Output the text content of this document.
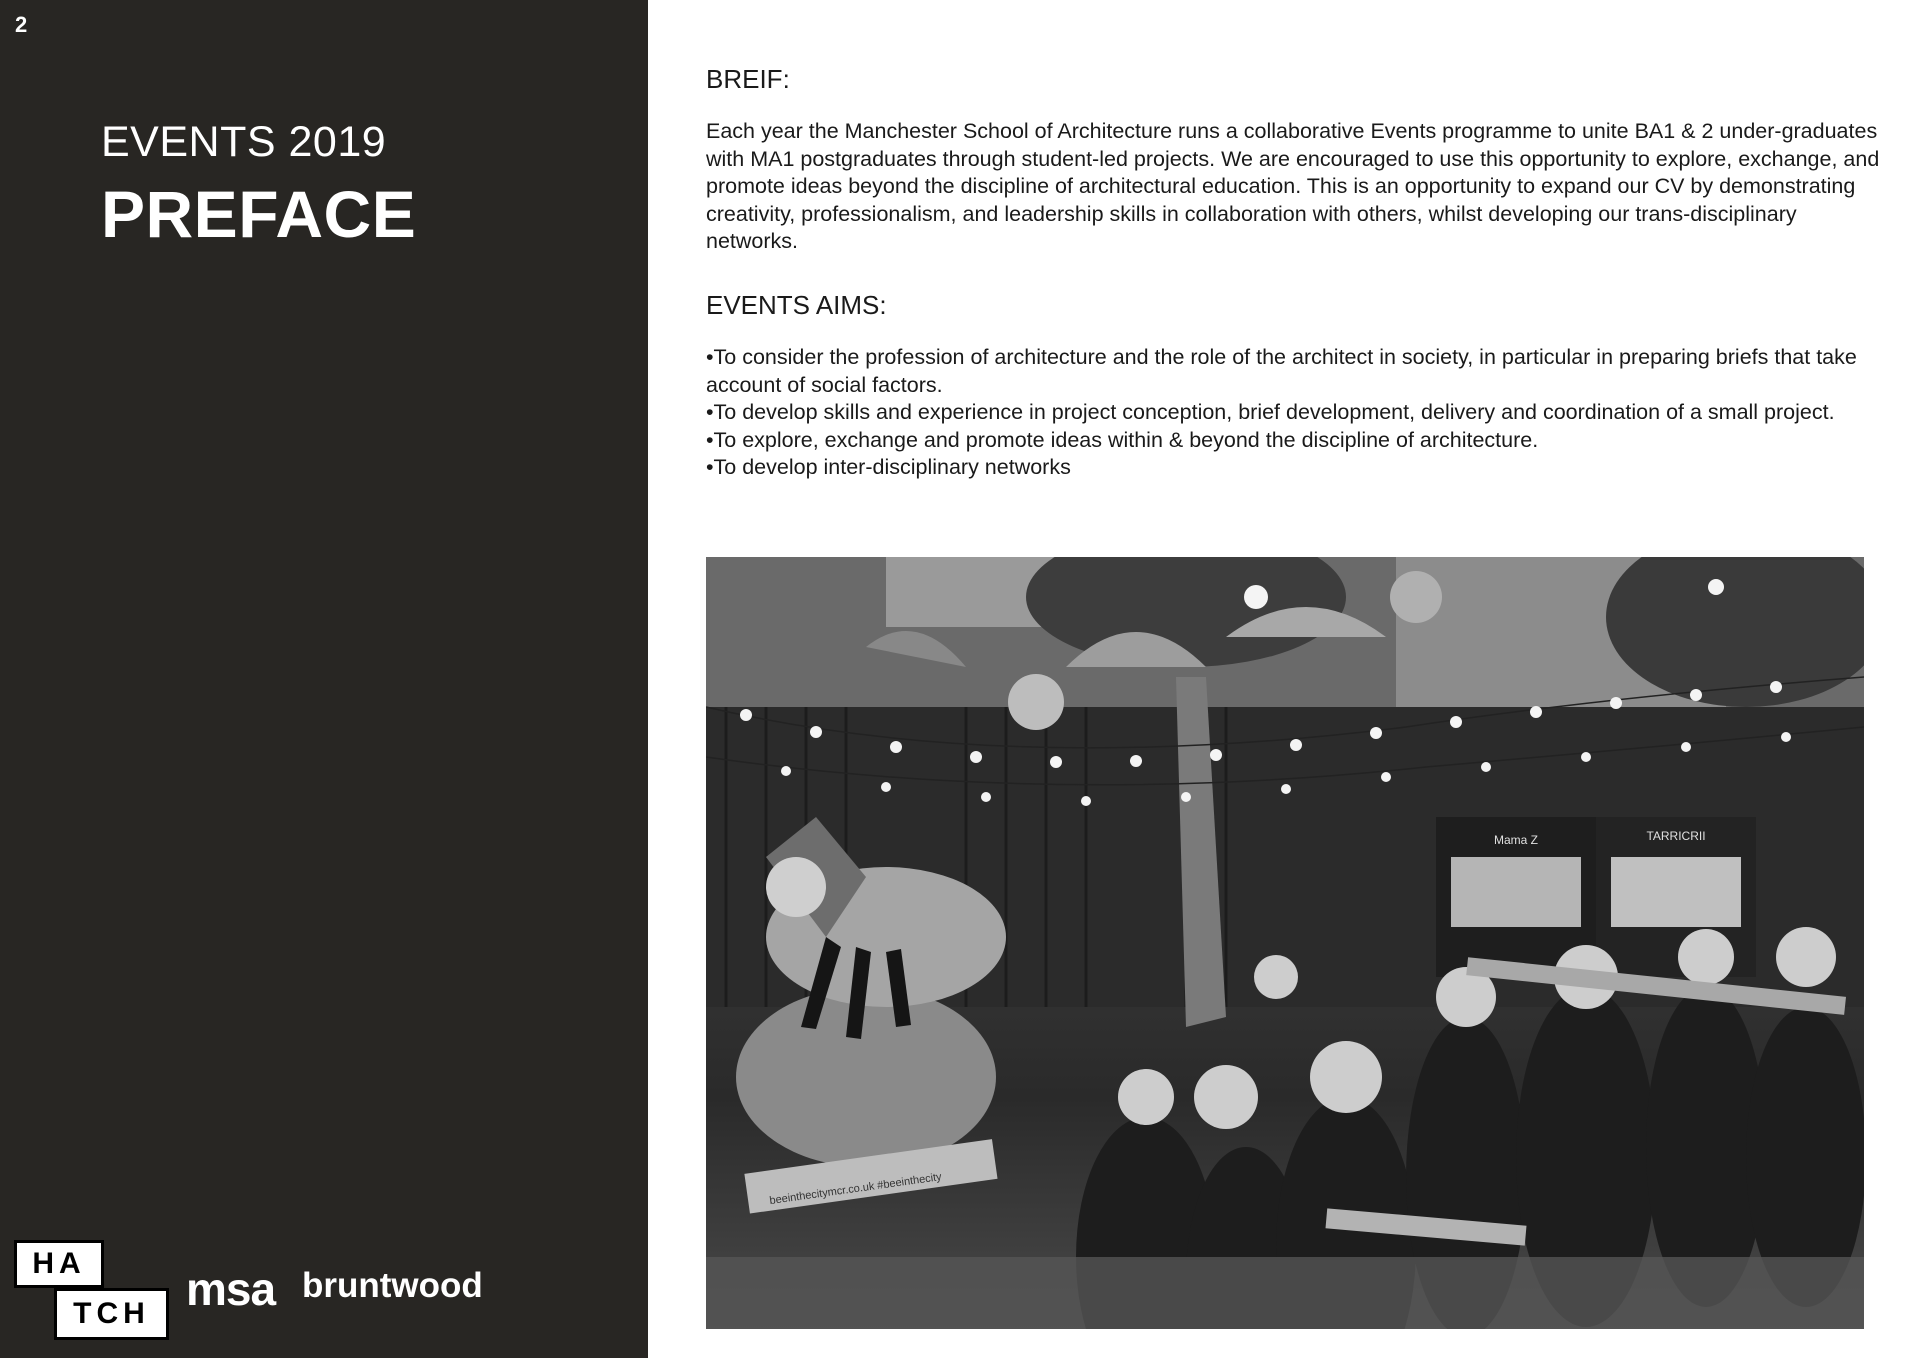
2
EVENTS 2019
PREFACE
HA
TCH msa bruntwood
BREIF:
Each year the Manchester School of Architecture runs a collaborative Events programme to unite BA1 & 2 under-graduates with MA1 postgraduates through student-led projects. We are encouraged to use this opportunity to explore, exchange, and promote ideas beyond the discipline of architectural education. This is an opportunity to expand our CV by demonstrating creativity, professionalism, and leadership skills in collaboration with others, whilst developing our trans-disciplinary networks.
EVENTS AIMS:
• To consider the profession of architecture and the role of the architect in society, in particular in preparing briefs that take account of social factors.
• To develop skills and experience in project conception, brief development, delivery and coordination of a small project.
• To explore, exchange and promote ideas within & beyond the discipline of architecture.
• To develop inter-disciplinary networks
Mama Z	TARRICRII
beeinthecitymcr.co.uk #beeinthecity
